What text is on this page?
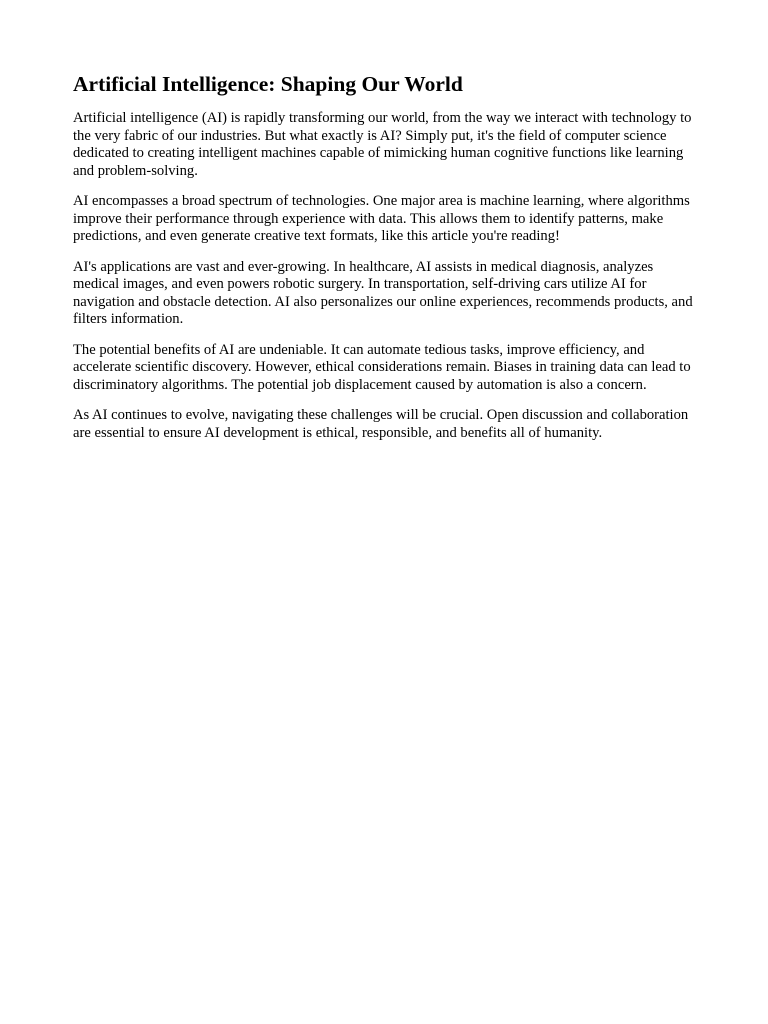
Artificial Intelligence: Shaping Our World

Artificial intelligence (AI) is rapidly transforming our world, from the way we interact with technology to the very fabric of our industries. But what exactly is AI? Simply put, it's the field of computer science dedicated to creating intelligent machines capable of mimicking human cognitive functions like learning and problem-solving.

AI encompasses a broad spectrum of technologies. One major area is machine learning, where algorithms improve their performance through experience with data. This allows them to identify patterns, make predictions, and even generate creative text formats, like this article you're reading!

AI's applications are vast and ever-growing. In healthcare, AI assists in medical diagnosis, analyzes medical images, and even powers robotic surgery. In transportation, self-driving cars utilize AI for navigation and obstacle detection. AI also personalizes our online experiences, recommends products, and filters information.

The potential benefits of AI are undeniable. It can automate tedious tasks, improve efficiency, and accelerate scientific discovery. However, ethical considerations remain. Biases in training data can lead to discriminatory algorithms. The potential job displacement caused by automation is also a concern.

As AI continues to evolve, navigating these challenges will be crucial. Open discussion and collaboration are essential to ensure AI development is ethical, responsible, and benefits all of humanity.
